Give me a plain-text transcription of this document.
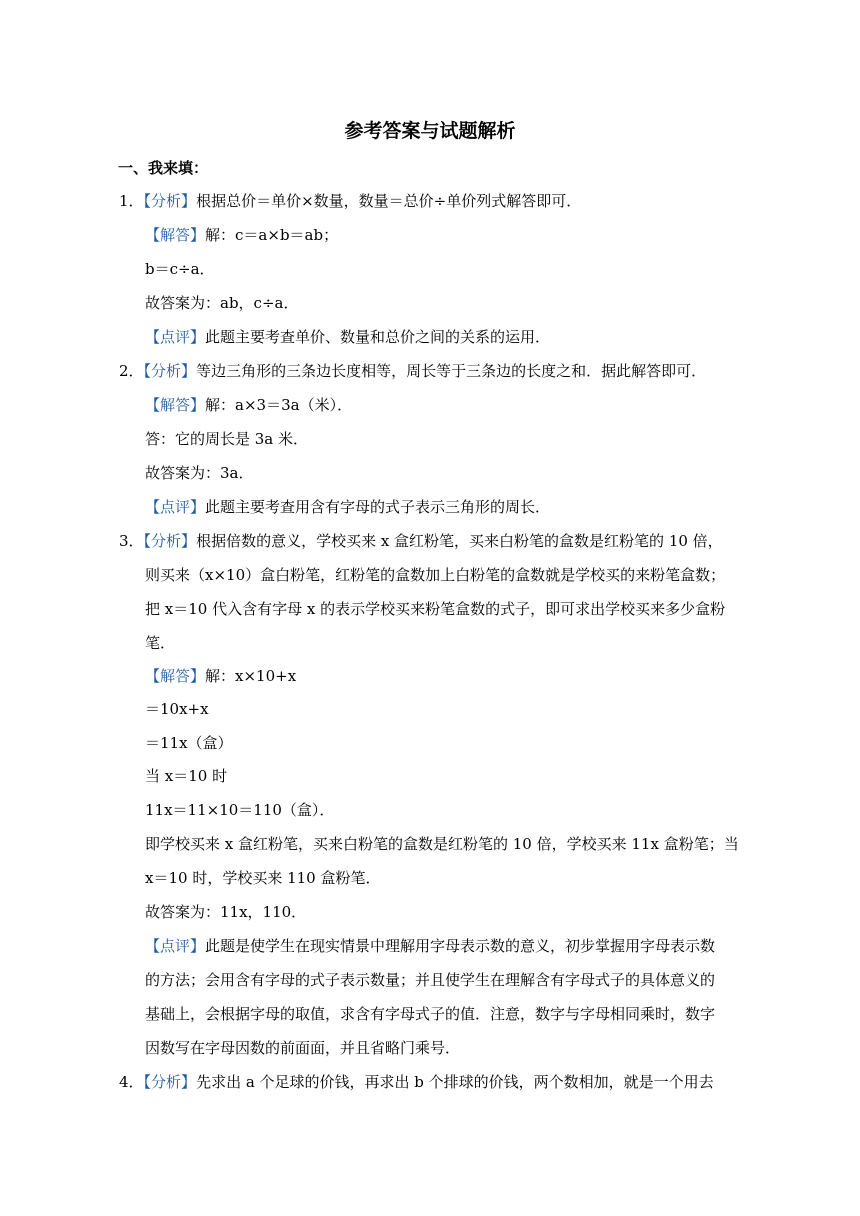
参考答案与试题解析
一、我来填：
1．【分析】根据总价＝单价×数量，数量＝总价÷单价列式解答即可．
【解答】解：c＝a×b＝ab；
b＝c÷a．
故答案为：ab，c÷a．
【点评】此题主要考查单价、数量和总价之间的关系的运用．
2．【分析】等边三角形的三条边长度相等，周长等于三条边的长度之和．据此解答即可．
【解答】解：a×3＝3a（米）．
答：它的周长是 3a 米．
故答案为：3a．
【点评】此题主要考查用含有字母的式子表示三角形的周长．
3．【分析】根据倍数的意义，学校买来 x 盒红粉笔，买来白粉笔的盒数是红粉笔的 10 倍，
则买来（x×10）盒白粉笔，红粉笔的盒数加上白粉笔的盒数就是学校买的来粉笔盒数；
把 x＝10 代入含有字母 x 的表示学校买来粉笔盒数的式子，即可求出学校买来多少盒粉
笔．
【解答】解：x×10+x
＝10x+x
＝11x（盒）
当 x＝10 时
11x＝11×10＝110（盒）．
即学校买来 x 盒红粉笔，买来白粉笔的盒数是红粉笔的 10 倍，学校买来 11x 盒粉笔；当
x＝10 时，学校买来 110 盒粉笔．
故答案为：11x，110．
【点评】此题是使学生在现实情景中理解用字母表示数的意义，初步掌握用字母表示数
的方法；会用含有字母的式子表示数量；并且使学生在理解含有字母式子的具体意义的
基础上，会根据字母的取值，求含有字母式子的值．注意，数字与字母相同乘时，数字
因数写在字母因数的前面面，并且省略门乘号．
4．【分析】先求出 a 个足球的价钱，再求出 b 个排球的价钱，两个数相加，就是一个用去
